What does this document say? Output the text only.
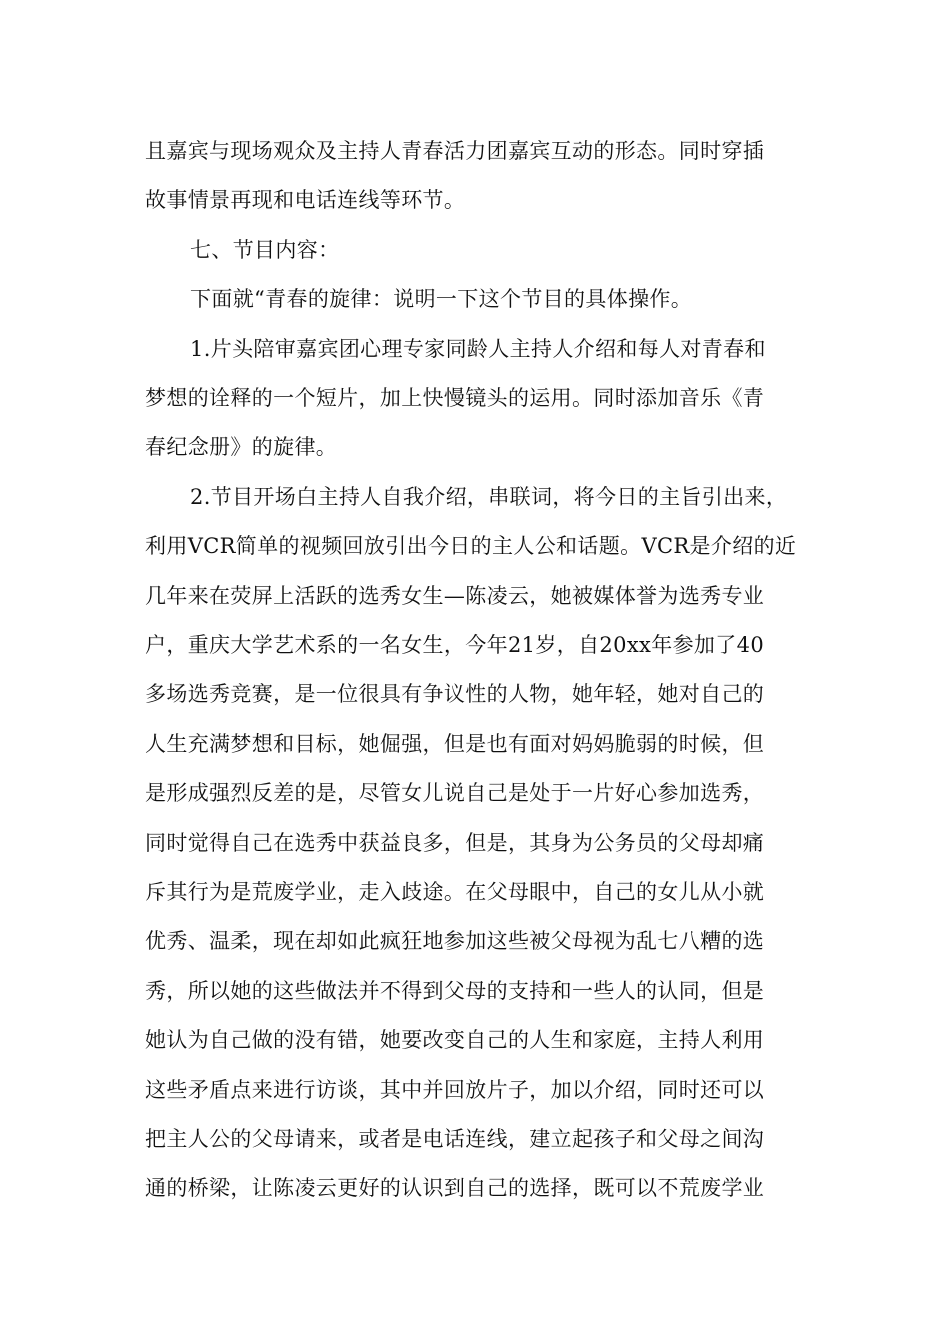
且嘉宾与现场观众及主持人青春活力团嘉宾互动的形态。同时穿插
故事情景再现和电话连线等环节。
七、节目内容：
下面就“青春的旋律：说明一下这个节目的具体操作。
1.片头陪审嘉宾团心理专家同龄人主持人介绍和每人对青春和
梦想的诠释的一个短片，加上快慢镜头的运用。同时添加音乐《青
春纪念册》的旋律。
2.节目开场白主持人自我介绍，串联词，将今日的主旨引出来，
利用VCR简单的视频回放引出今日的主人公和话题。VCR是介绍的近
几年来在荧屏上活跃的选秀女生—陈凌云，她被媒体誉为选秀专业
户，重庆大学艺术系的一名女生，今年21岁，自20xx年参加了40
多场选秀竞赛，是一位很具有争议性的人物，她年轻，她对自己的
人生充满梦想和目标，她倔强，但是也有面对妈妈脆弱的时候，但
是形成强烈反差的是，尽管女儿说自己是处于一片好心参加选秀，
同时觉得自己在选秀中获益良多，但是，其身为公务员的父母却痛
斥其行为是荒废学业，走入歧途。在父母眼中，自己的女儿从小就
优秀、温柔，现在却如此疯狂地参加这些被父母视为乱七八糟的选
秀，所以她的这些做法并不得到父母的支持和一些人的认同，但是
她认为自己做的没有错，她要改变自己的人生和家庭，主持人利用
这些矛盾点来进行访谈，其中并回放片子，加以介绍，同时还可以
把主人公的父母请来，或者是电话连线，建立起孩子和父母之间沟
通的桥梁，让陈凌云更好的认识到自己的选择，既可以不荒废学业
